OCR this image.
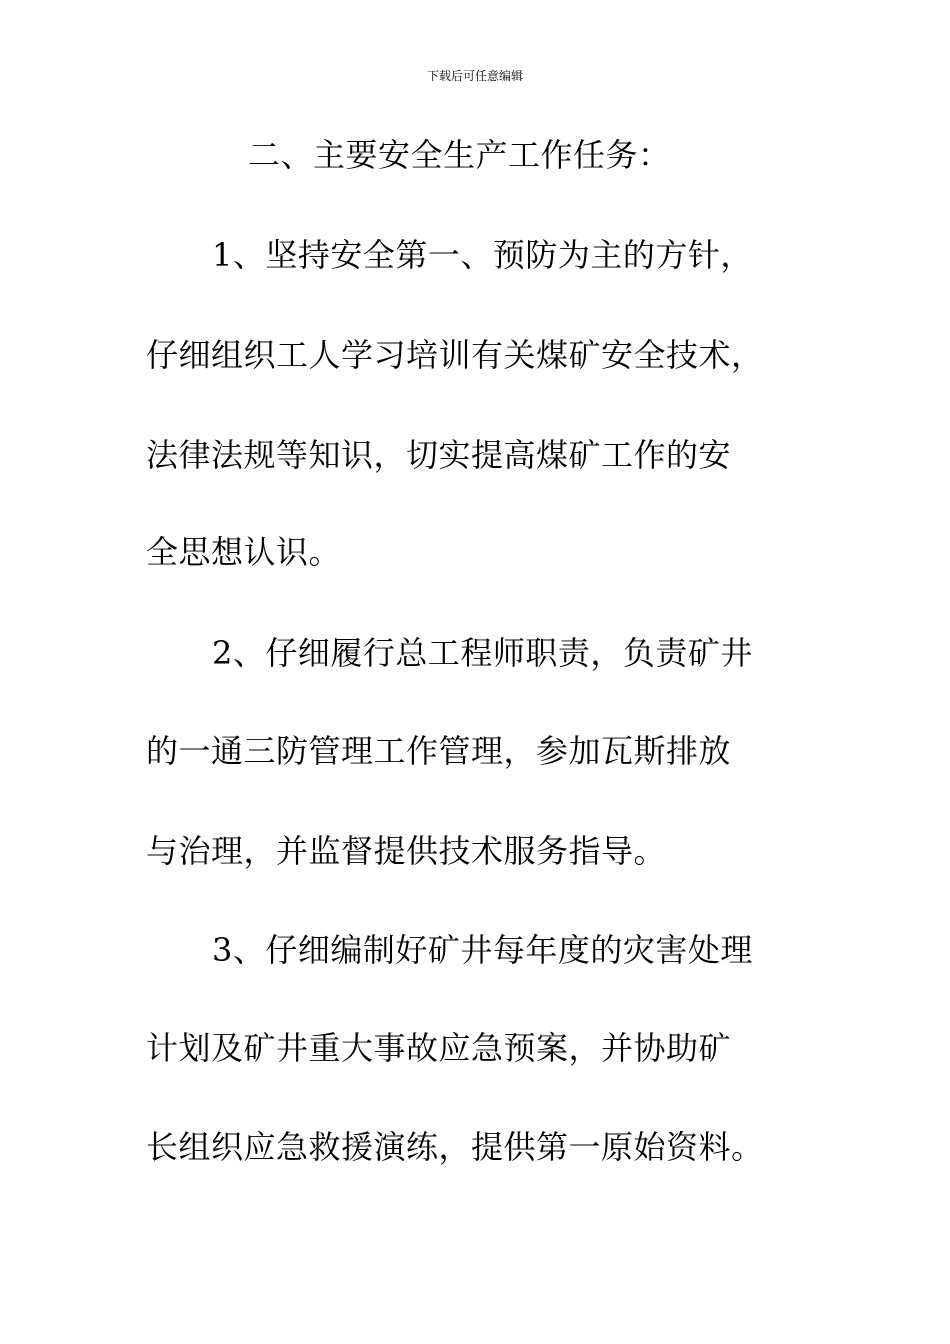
下载后可任意编辑
二、主要安全生产工作任务：
1、坚持安全第一、预防为主的方针，
仔细组织工人学习培训有关煤矿安全技术，
法律法规等知识，切实提高煤矿工作的安
全思想认识。
2、仔细履行总工程师职责，负责矿井
的一通三防管理工作管理，参加瓦斯排放
与治理，并监督提供技术服务指导。
3、仔细编制好矿井每年度的灾害处理
计划及矿井重大事故应急预案，并协助矿
长组织应急救援演练，提供第一原始资料。
